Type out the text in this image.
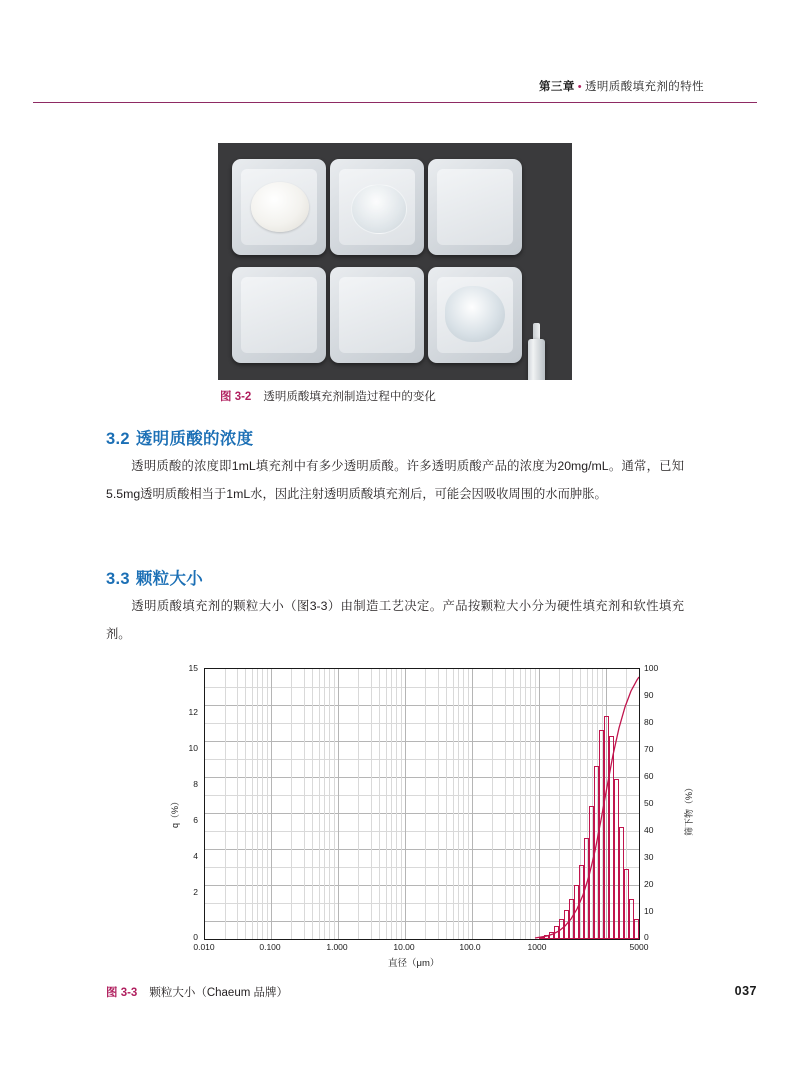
第三章 • 透明质酸填充剂的特性
图 3-2 透明质酸填充剂制造过程中的变化
3.2 透明质酸的浓度
透明质酸的浓度即1mL填充剂中有多少透明质酸。许多透明质酸产品的浓度为20mg/mL。通常，已知5.5mg透明质酸相当于1mL水，因此注射透明质酸填充剂后，可能会因吸收周围的水而肿胀。
3.3 颗粒大小
透明质酸填充剂的颗粒大小（图3-3）由制造工艺决定。产品按颗粒大小分为硬性填充剂和软性填充剂。
q（%）	筛下物（%）
直径（μm）
15
12
10
8
6
4
2
0
100
90
80
70
60
50
40
30
20
10
0
0.010	0.100	1.000	10.00	100.0	1000	5000
图 3-3 颗粒大小（Chaeum 品牌）	037
